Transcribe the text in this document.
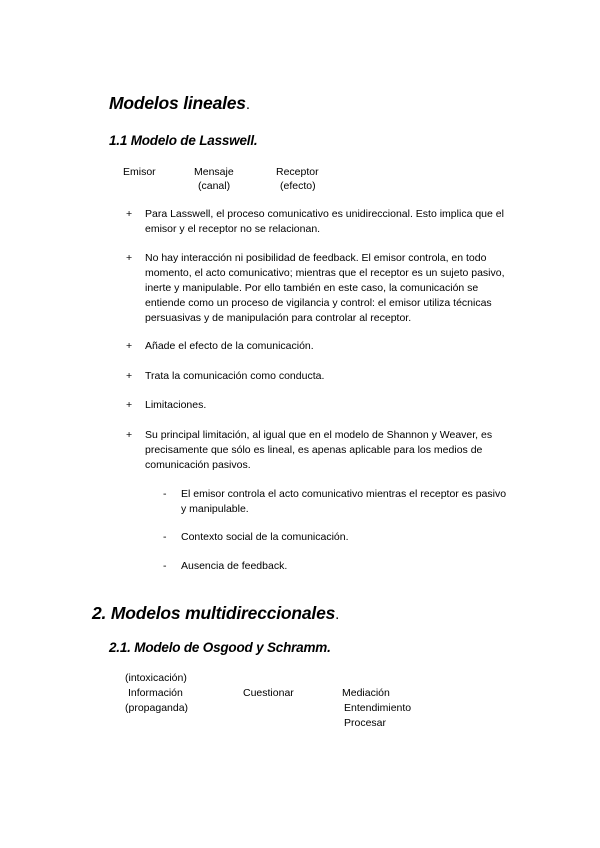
Modelos lineales.
1.1 Modelo de Lasswell.
Emisor	Mensaje
(canal)
Receptor
(efecto)
+ Para Lasswell, el proceso comunicativo es unidireccional. Esto implica que el
emisor y el receptor no se relacionan.
+ No hay interacción ni posibilidad de feedback. El emisor controla, en todo
momento, el acto comunicativo; mientras que el receptor es un sujeto pasivo,
inerte y manipulable. Por ello también en este caso, la comunicación se
entiende como un proceso de vigilancia y control: el emisor utiliza técnicas
persuasivas y de manipulación para controlar al receptor.
+ Añade el efecto de la comunicación.
+ Trata la comunicación como conducta.
+ Limitaciones.
+ Su principal limitación, al igual que en el modelo de Shannon y Weaver, es
precisamente que sólo es lineal, es apenas aplicable para los medios de
comunicación pasivos.
- El emisor controla el acto comunicativo mientras el receptor es pasivo
y manipulable.
- Contexto social de la comunicación.
- Ausencia de feedback.
2. Modelos multidireccionales.
2.1. Modelo de Osgood y Schramm.
(intoxicación)
Información
(propaganda)
Cuestionar	Mediación
Entendimiento
Procesar
